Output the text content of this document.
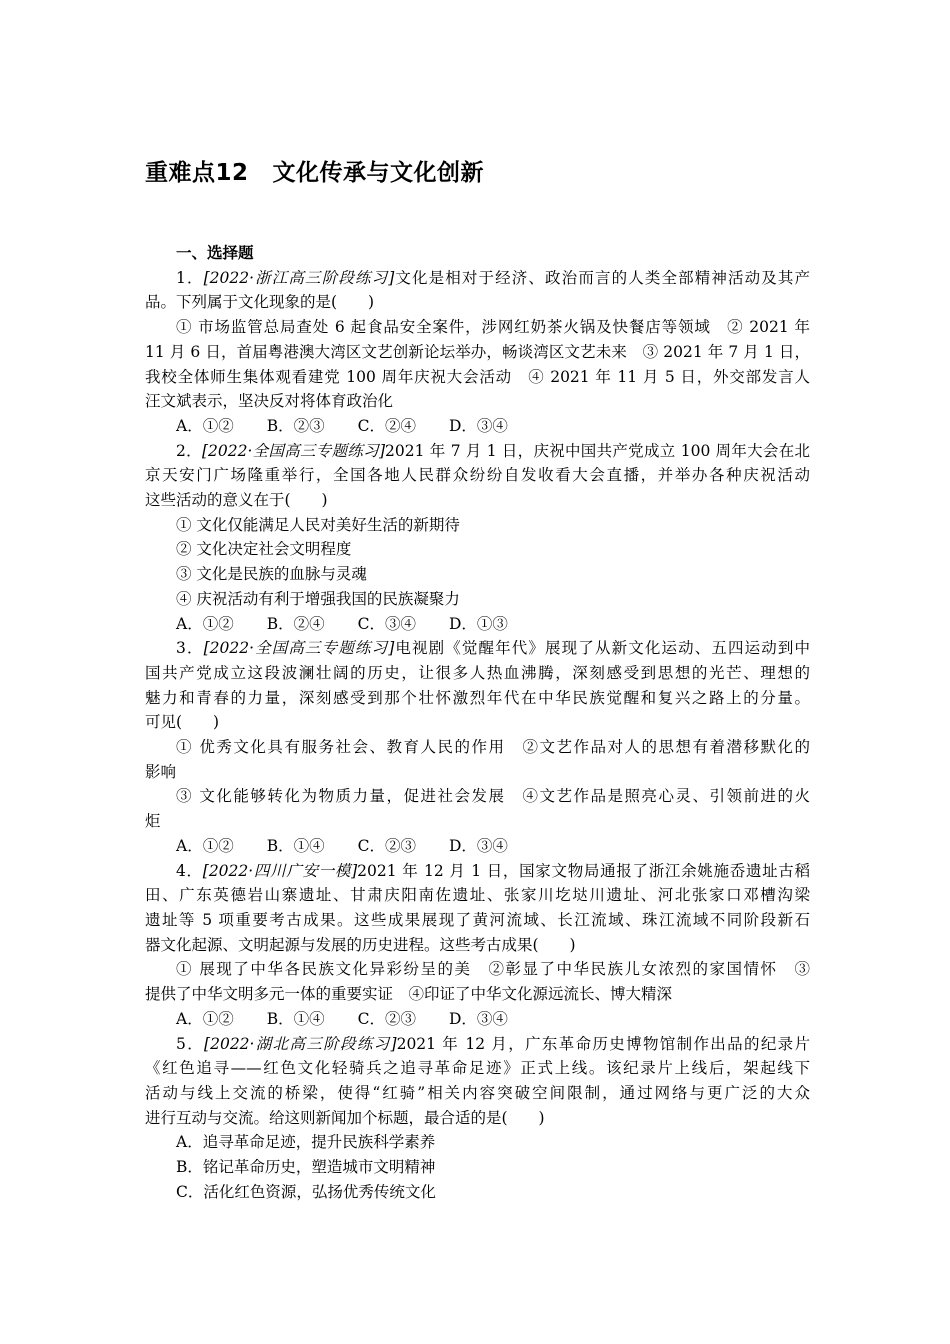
重难点12 文化传承与文化创新
一、选择题
1．[2022·浙江高三阶段练习]文化是相对于经济、政治而言的人类全部精神活动及其产
品。下列属于文化现象的是(　　)
① 市场监管总局查处 6 起食品安全案件，涉网红奶茶火锅及快餐店等领域　② 2021 年
11 月 6 日，首届粤港澳大湾区文艺创新论坛举办，畅谈湾区文艺未来　③ 2021 年 7 月 1 日，
我校全体师生集体观看建党 100 周年庆祝大会活动　④ 2021 年 11 月 5 日，外交部发言人
汪文斌表示，坚决反对将体育政治化
A．①② B．②③ C．②④ D．③④
2．[2022·全国高三专题练习]2021 年 7 月 1 日，庆祝中国共产党成立 100 周年大会在北
京天安门广场隆重举行，全国各地人民群众纷纷自发收看大会直播，并举办各种庆祝活动
这些活动的意义在于(　　)
① 文化仅能满足人民对美好生活的新期待
② 文化决定社会文明程度
③ 文化是民族的血脉与灵魂
④ 庆祝活动有利于增强我国的民族凝聚力
A．①② B．②④ C．③④ D．①③
3．[2022·全国高三专题练习]电视剧《觉醒年代》展现了从新文化运动、五四运动到中
国共产党成立这段波澜壮阔的历史，让很多人热血沸腾，深刻感受到思想的光芒、理想的
魅力和青春的力量，深刻感受到那个壮怀激烈年代在中华民族觉醒和复兴之路上的分量。
可见(　　)
① 优秀文化具有服务社会、教育人民的作用　②文艺作品对人的思想有着潜移默化的
影响
③ 文化能够转化为物质力量，促进社会发展　④文艺作品是照亮心灵、引领前进的火
炬
A．①② B．①④ C．②③ D．③④
4．[2022·四川广安一模]2021 年 12 月 1 日，国家文物局通报了浙江余姚施岙遗址古稻
田、广东英德岩山寨遗址、甘肃庆阳南佐遗址、张家川圪垯川遗址、河北张家口邓槽沟梁
遗址等 5 项重要考古成果。这些成果展现了黄河流域、长江流域、珠江流域不同阶段新石
器文化起源、文明起源与发展的历史进程。这些考古成果(　　)
① 展现了中华各民族文化异彩纷呈的美　②彰显了中华民族儿女浓烈的家国情怀　③
提供了中华文明多元一体的重要实证　④印证了中华文化源远流长、博大精深
A．①② B．①④ C．②③ D．③④
5．[2022·湖北高三阶段练习]2021 年 12 月，广东革命历史博物馆制作出品的纪录片
《红色追寻——红色文化轻骑兵之追寻革命足迹》正式上线。该纪录片上线后，架起线下
活动与线上交流的桥梁，使得“红骑”相关内容突破空间限制，通过网络与更广泛的大众
进行互动与交流。给这则新闻加个标题，最合适的是(　　)
A．追寻革命足迹，提升民族科学素养
B．铭记革命历史，塑造城市文明精神
C．活化红色资源，弘扬优秀传统文化
